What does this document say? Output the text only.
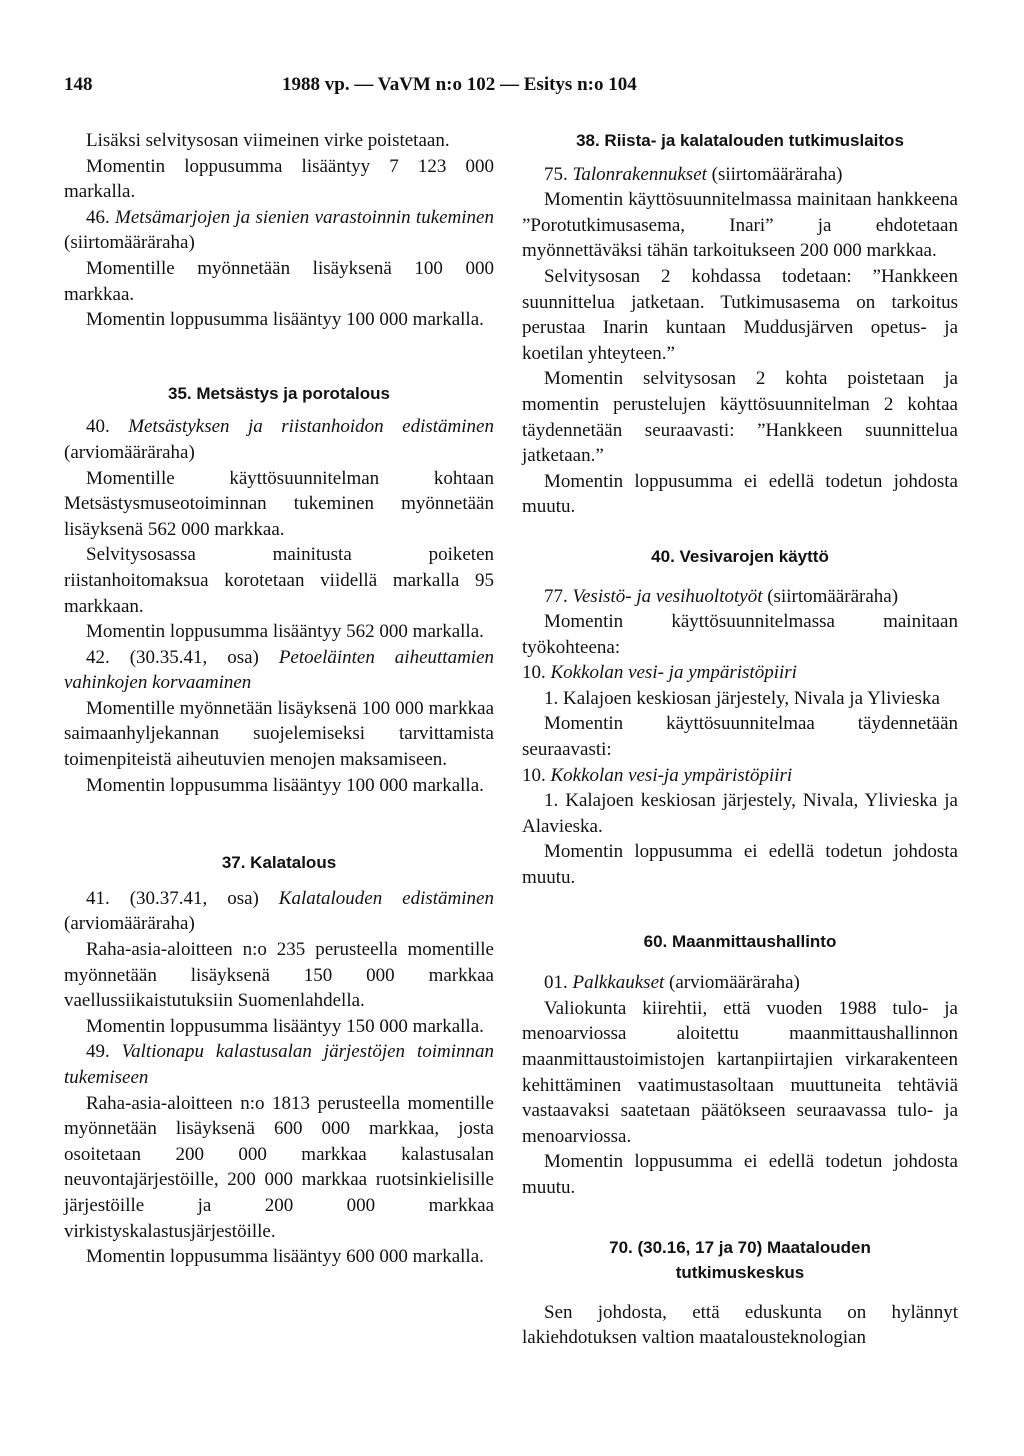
148	1988 vp. — VaVM n:o 102 — Esitys n:o 104

Lisäksi selvitysosan viimeinen virke poistetaan.

Momentin loppusumma lisääntyy 7 123 000 markalla.

46. Metsämarjojen ja sienien varastoinnin tukeminen (siirtomääräraha)

Momentille myönnetään lisäyksenä 100 000 markkaa.

Momentin loppusumma lisääntyy 100 000 markalla.

35. Metsästys ja porotalous

40. Metsästyksen ja riistanhoidon edistäminen (arviomääräraha)

Momentille käyttösuunnitelman kohtaan Metsästysmuseotoiminnan tukeminen myönnetään lisäyksenä 562 000 markkaa.

Selvitysosassa mainitusta poiketen riistanhoitomaksua korotetaan viidellä markalla 95 markkaan.

Momentin loppusumma lisääntyy 562 000 markalla.

42. (30.35.41, osa) Petoeläinten aiheuttamien vahinkojen korvaaminen

Momentille myönnetään lisäyksenä 100 000 markkaa saimaanhyljekannan suojelemiseksi tarvittamista toimenpiteistä aiheutuvien menojen maksamiseen.

Momentin loppusumma lisääntyy 100 000 markalla.

37. Kalatalous

41. (30.37.41, osa) Kalatalouden edistäminen (arviomääräraha)

Raha-asia-aloitteen n:o 235 perusteella momentille myönnetään lisäyksenä 150 000 markkaa vaellussiikaistutuksiin Suomenlahdella.

Momentin loppusumma lisääntyy 150 000 markalla.

49. Valtionapu kalastusalan järjestöjen toiminnan tukemiseen

Raha-asia-aloitteen n:o 1813 perusteella momentille myönnetään lisäyksenä 600 000 markkaa, josta osoitetaan 200 000 markkaa kalastusalan neuvontajärjestöille, 200 000 markkaa ruotsinkielisille järjestöille ja 200 000 markkaa virkistyskalastusjärjestöille.

Momentin loppusumma lisääntyy 600 000 markalla.

38. Riista- ja kalatalouden tutkimuslaitos

75. Talonrakennukset (siirtomääräraha)

Momentin käyttösuunnitelmassa mainitaan hankkeena ”Porotutkimusasema, Inari” ja ehdotetaan myönnettäväksi tähän tarkoitukseen 200 000 markkaa.

Selvitysosan 2 kohdassa todetaan: ”Hankkeen suunnittelua jatketaan. Tutkimusasema on tarkoitus perustaa Inarin kuntaan Muddusjärven opetus- ja koetilan yhteyteen.”

Momentin selvitysosan 2 kohta poistetaan ja momentin perustelujen käyttösuunnitelman 2 kohtaa täydennetään seuraavasti: ”Hankkeen suunnittelua jatketaan.”

Momentin loppusumma ei edellä todetun johdosta muutu.

40. Vesivarojen käyttö

77. Vesistö- ja vesihuoltotyöt (siirtomääräraha)

Momentin käyttösuunnitelmassa mainitaan työkohteena:

10. Kokkolan vesi- ja ympäristöpiiri

1. Kalajoen keskiosan järjestely, Nivala ja Ylivieska

Momentin käyttösuunnitelmaa täydennetään seuraavasti:

10. Kokkolan vesi-ja ympäristöpiiri

1. Kalajoen keskiosan järjestely, Nivala, Ylivieska ja Alavieska.

Momentin loppusumma ei edellä todetun johdosta muutu.

60. Maanmittaushallinto

01. Palkkaukset (arviomääräraha)

Valiokunta kiirehtii, että vuoden 1988 tulo- ja menoarviossa aloitettu maanmittaushallinnon maanmittaustoimistojen kartanpiirtajien virkarakenteen kehittäminen vaatimustasoltaan muuttuneita tehtäviä vastaavaksi saatetaan päätökseen seuraavassa tulo- ja menoarviossa.

Momentin loppusumma ei edellä todetun johdosta muutu.

70. (30.16, 17 ja 70) Maatalouden tutkimuskeskus

Sen johdosta, että eduskunta on hylännyt lakiehdotuksen valtion maatalousteknologian
